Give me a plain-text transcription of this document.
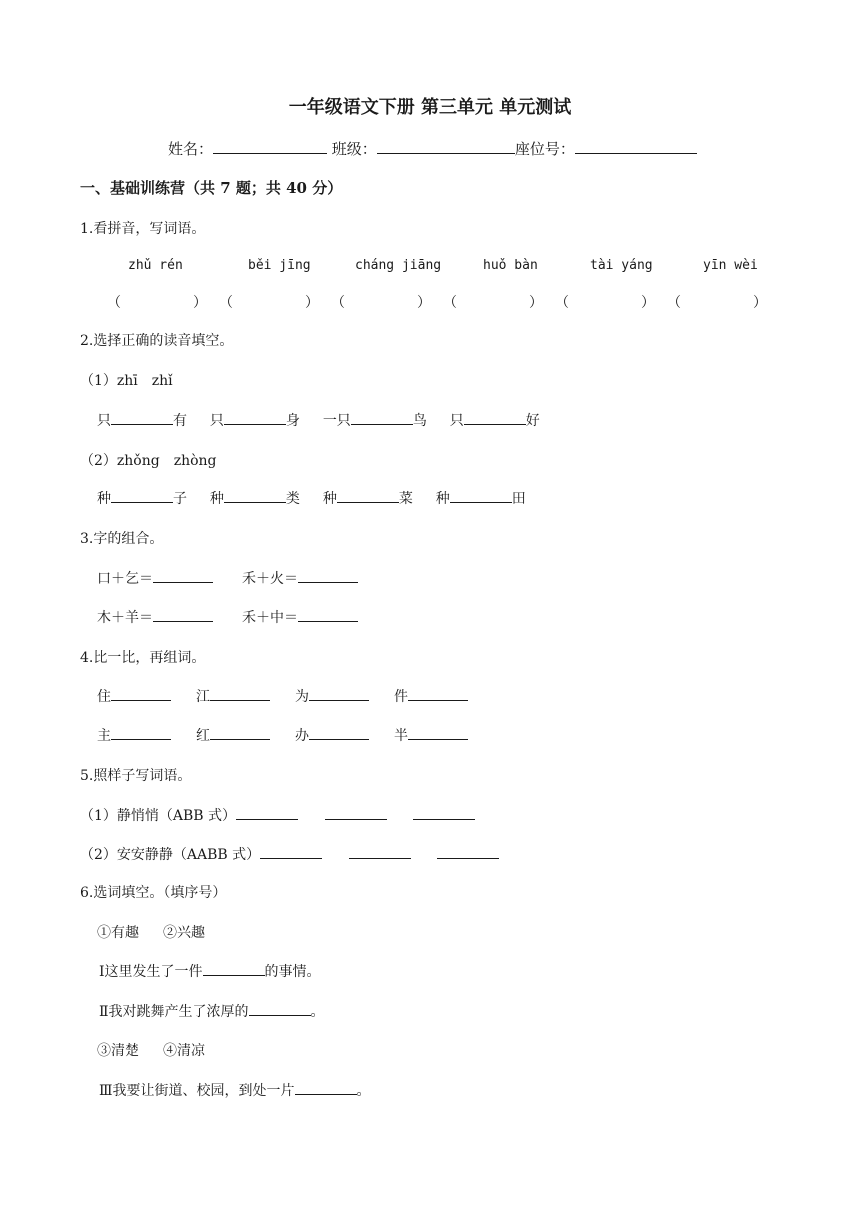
一年级语文下册 第三单元 单元测试
姓名：	班级：	座位号：
一、基础训练营（共 7 题；共 40 分）
1.看拼音，写词语。
zhǔ rén	běi jīng	cháng jiāng	huǒ bàn	tài yáng	yīn wèi
（	） （	） （	） （	） （	） （	）
2.选择正确的读音填空。
（1）zhī　zhǐ
只	有 只	身 一只	鸟 只	好
（2）zhǒng　zhòng
种	子 种	类 种	菜 种	田
3.字的组合。
口＋乞＝	禾＋火＝
木＋羊＝	禾＋中＝
4.比一比，再组词。
住	江	为	件
主	红	办	半
5.照样子写词语。
（1）静悄悄（ABB 式）
（2）安安静静（AABB 式）
6.选词填空。（填序号）
①有趣 ②兴趣
Ⅰ这里发生了一件	的事情。
Ⅱ我对跳舞产生了浓厚的	。
③清楚 ④清凉
Ⅲ我要让街道、校园，到处一片	。
